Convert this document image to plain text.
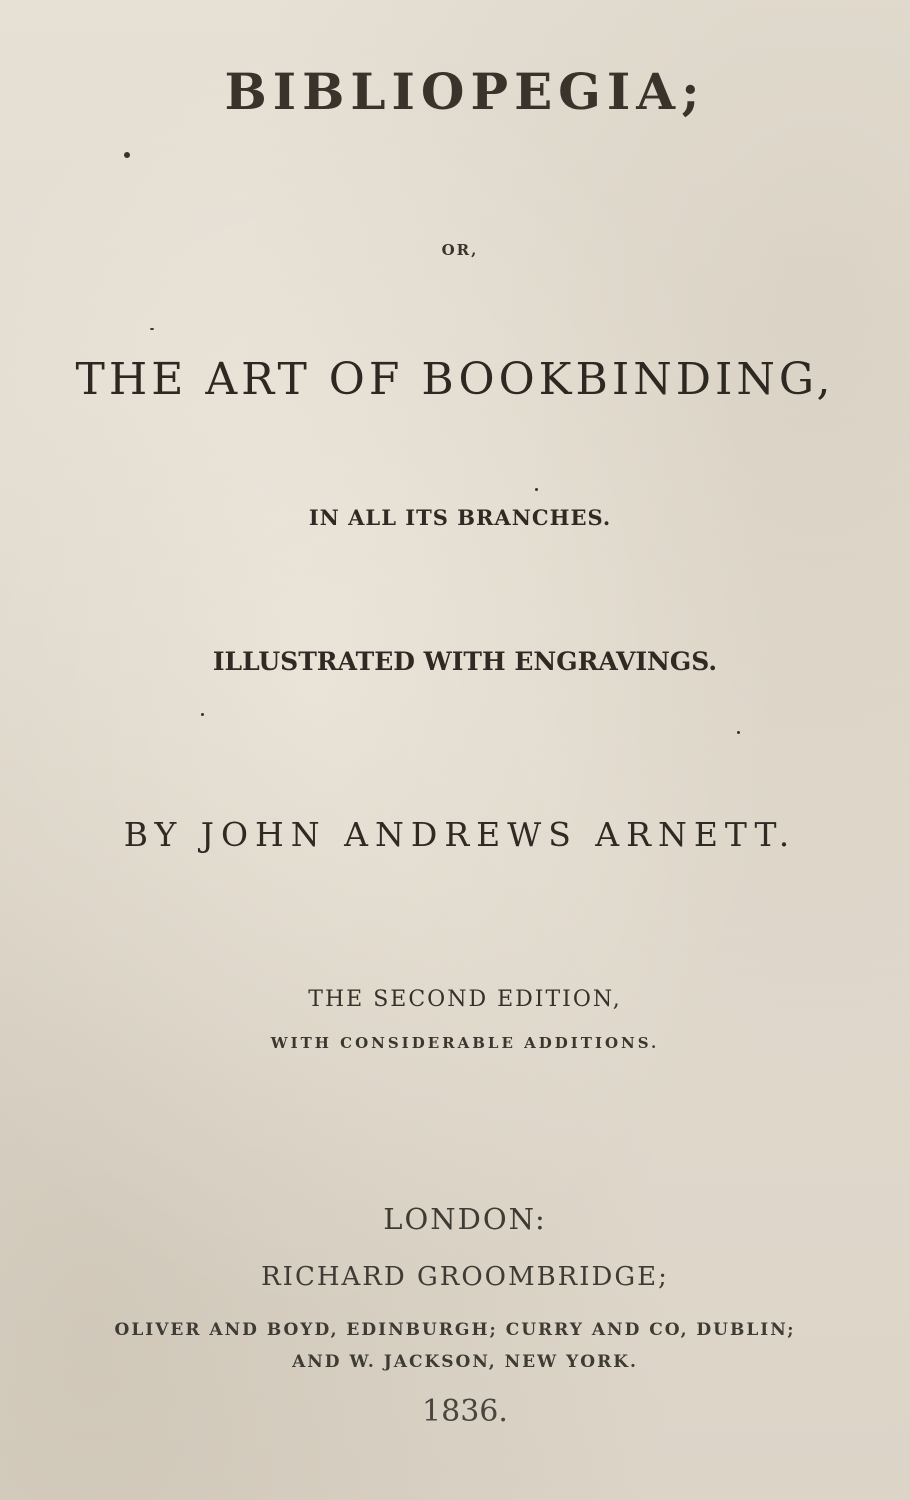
BIBLIOPEGIA;
OR,
THE ART OF BOOKBINDING,
IN ALL ITS BRANCHES.
ILLUSTRATED WITH ENGRAVINGS.
BY JOHN ANDREWS ARNETT.
THE SECOND EDITION,
WITH CONSIDERABLE ADDITIONS.
LONDON:
RICHARD GROOMBRIDGE;
OLIVER AND BOYD, EDINBURGH; CURRY AND CO, DUBLIN;
AND W. JACKSON, NEW YORK.
1836.
